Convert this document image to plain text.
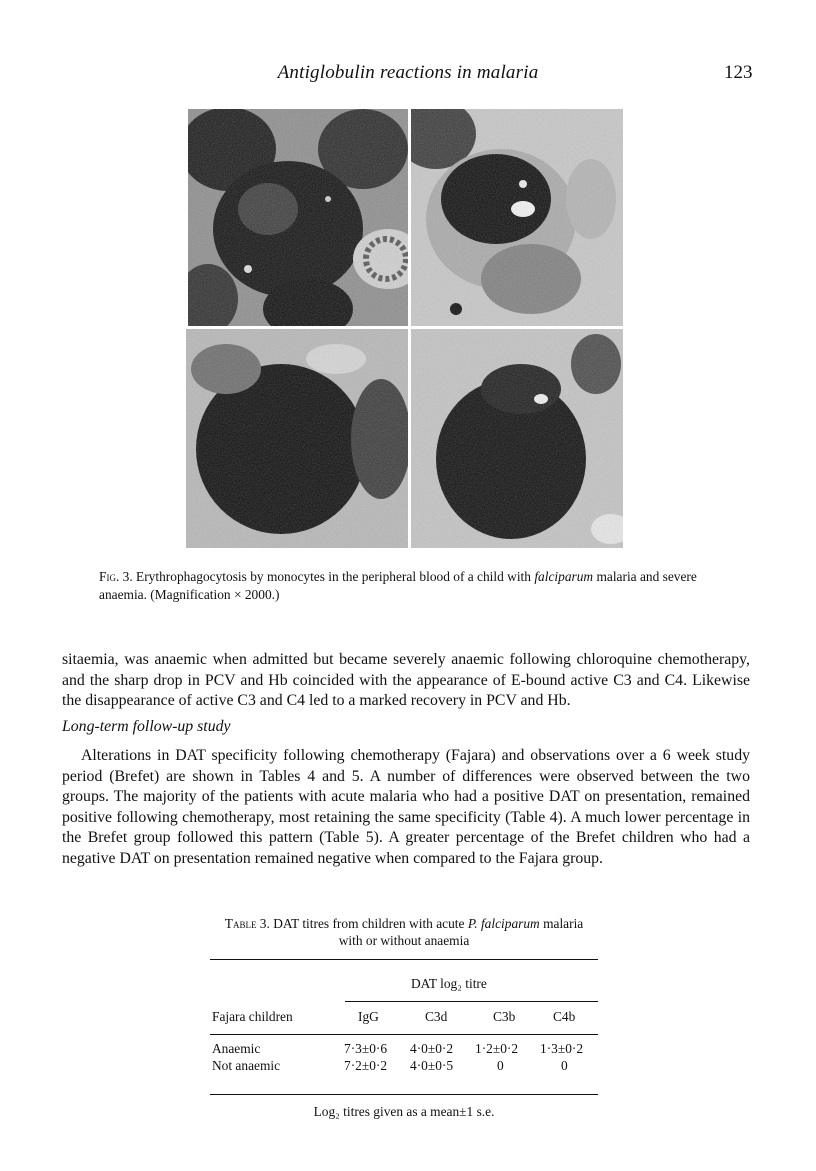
Antiglobulin reactions in malaria	123
Fig. 3. Erythrophagocytosis by monocytes in the peripheral blood of a child with falciparum malaria and severe anaemia. (Magnification × 2000.)
sitaemia, was anaemic when admitted but became severely anaemic following chloroquine chemotherapy, and the sharp drop in PCV and Hb coincided with the appearance of E-bound active C3 and C4. Likewise the disappearance of active C3 and C4 led to a marked recovery in PCV and Hb.
Long-term follow-up study
Alterations in DAT specificity following chemotherapy (Fajara) and observations over a 6 week study period (Brefet) are shown in Tables 4 and 5. A number of differences were observed between the two groups. The majority of the patients with acute malaria who had a positive DAT on presentation, remained positive following chemotherapy, most retaining the same specificity (Table 4). A much lower percentage in the Brefet group followed this pattern (Table 5). A greater percentage of the Brefet children who had a negative DAT on presentation remained negative when compared to the Fajara group.
Table 3. DAT titres from children with acute P. falciparum malaria
with or without anaemia
DAT log₂ titre
Fajara children	IgG	C3d	C3b	C4b
Anaemic	7·3±0·6 4·0±0·2 1·2±0·2 1·3±0·2
Not anaemic	7·2±0·2 4·0±0·5	0	0
Log₂ titres given as a mean±1 s.e.
